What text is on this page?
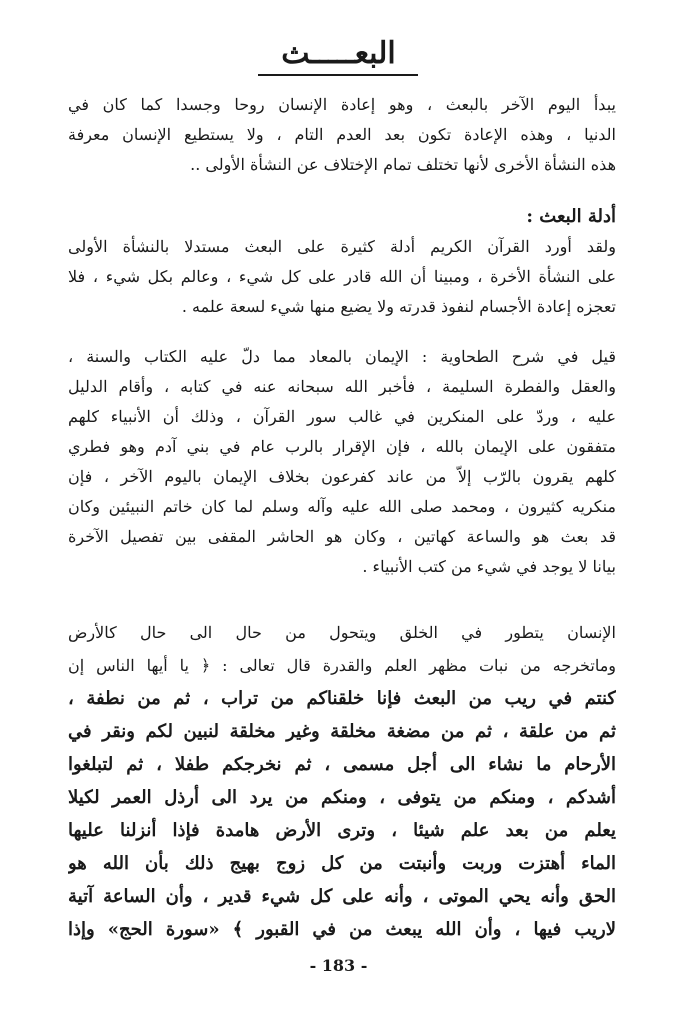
البعـــــث
يبدأ اليوم الآخر بالبعث ، وهو إعادة الإنسان روحا وجسدا كما كان في
الدنيا ، وهذه الإعادة تكون بعد العدم التام ، ولا يستطيع الإنسان معرفة
هذه النشأة الأخرى لأنها تختلف تمام الإختلاف عن النشأة الأولى ..
أدلة البعث :
ولقد أورد القرآن الكريم أدلة كثيرة على البعث مستدلا بالنشأة الأولى
على النشأة الأخرة ، ومبينا أن الله قادر على كل شيء ، وعالم بكل شيء ، فلا
تعجزه إعادة الأجسام لنفوذ قدرته ولا يضيع منها شيء لسعة علمه .
قيل في شرح الطحاوية : الإيمان بالمعاد مما دلّ عليه الكتاب والسنة ،
والعقل والفطرة السليمة ، فأخبر الله سبحانه عنه في كتابه ، وأقام الدليل
عليه ، وردّ على المنكرين في غالب سور القرآن ، وذلك أن الأنبياء كلهم
متفقون على الإيمان بالله ، فإن الإقرار بالرب عام في بني آدم وهو فطري
كلهم يقرون بالرّب إلاّ من عاند كفرعون بخلاف الإيمان باليوم الآخر ، فإن
منكريه كثيرون ، ومحمد صلى الله عليه وآله وسلم لما كان خاتم النبيئين وكان
قد بعث هو والساعة كهاتين ، وكان هو الحاشر المقفى بين تفصيل الآخرة
بيانا لا يوجد في شيء من كتب الأنبياء .
الإنسان يتطور في الخلق ويتحول من حال الى حال كالأرض
وماتخرجه من نبات مظهر العلم والقدرة قال تعالى : ﴿ يا أيها الناس إن
كنتم في ريب من البعث فإنا خلقناكم من تراب ، ثم من نطفة ،
ثم من علقة ، ثم من مضغة مخلقة وغير مخلقة لنبين لكم ونقر في
الأرحام ما نشاء الى أجل مسمى ، ثم نخرجكم طفلا ، ثم لتبلغوا
أشدكم ، ومنكم من يتوفى ، ومنكم من يرد الى أرذل العمر لكيلا
يعلم من بعد علم شيئا ، وترى الأرض هامدة فإذا أنزلنا عليها
الماء أهتزت وربت وأنبتت من كل زوج بهيج ذلك بأن الله هو
الحق وأنه يحي الموتى ، وأنه على كل شيء قدير ، وأن الساعة آتية
لاريب فيها ، وأن الله يبعث من في القبور ﴾ «سورة الحج» وإذا
- 183 -
